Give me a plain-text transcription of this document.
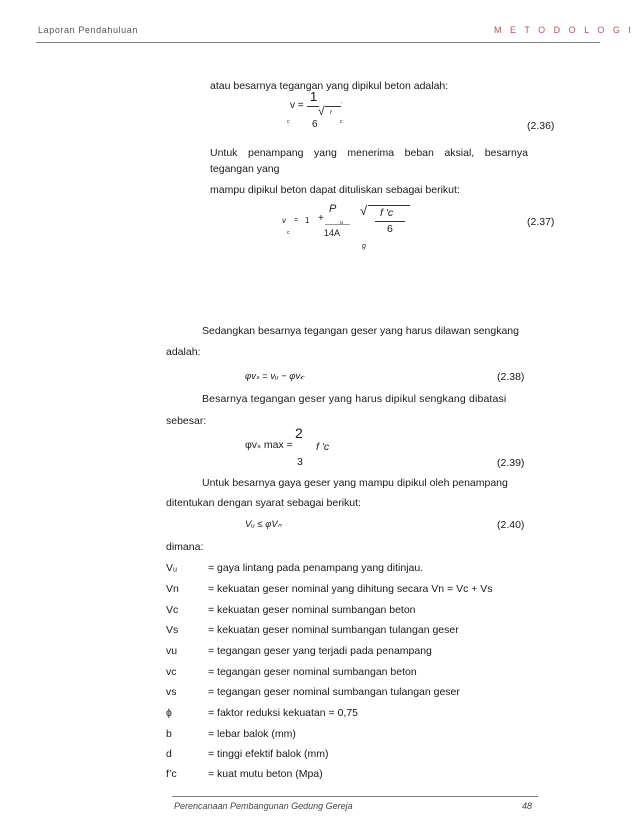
Laporan Pendahuluan	M E T O D O L O G I
atau besarnya tegangan yang dipikul beton adalah:
v =
1
c 6
√ f
'
c	(2.36)
Untuk penampang yang menerima beban aksial, besarnya tegangan yang
mampu dipikul beton dapat dituliskan sebagai berikut:
v
c
= 1 +
P
u
14A
g
√ f 'c
6
(2.37)
Sedangkan besarnya tegangan geser yang harus dilawan sengkang
adalah:
φvₛ = vᵤ − φv𝒸	(2.38)
Besarnya tegangan geser yang harus dipikul sengkang dibatasi
sebesar:
φvₛ max =
2
3
f 'c
(2.39)
Untuk besarnya gaya geser yang mampu dipikul oleh penampang
ditentukan dengan syarat sebagai berikut:
Vᵤ ≤ φVₙ	(2.40)
dimana:
Vᵤ	= gaya lintang pada penampang yang ditinjau.
Vn	= kekuatan geser nominal yang dihitung secara Vn = Vc + Vs
Vc	= kekuatan geser nominal sumbangan beton
Vs	= kekuatan geser nominal sumbangan tulangan geser
vu	= tegangan geser yang terjadi pada penampang
vc	= tegangan geser nominal sumbangan beton
vs	= tegangan geser nominal sumbangan tulangan geser
ϕ	= faktor reduksi kekuatan = 0,75
b	= lebar balok (mm)
d	= tinggi efektif balok (mm)
f’c	= kuat mutu beton (Mpa)
Perencanaan Pembangunan Gedung Gereja	48
